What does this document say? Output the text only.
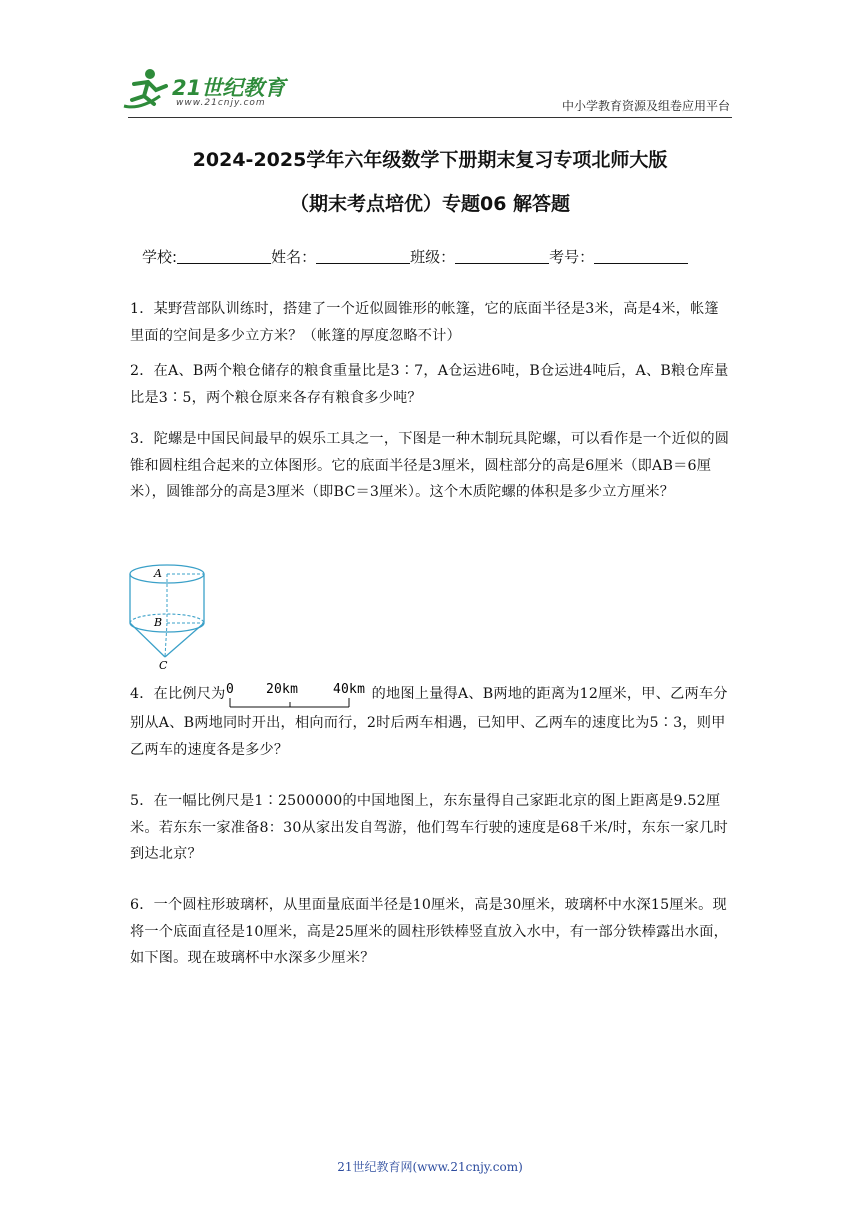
21世纪教育
www.21cnjy.com	中小学教育资源及组卷应用平台
2024-2025学年六年级数学下册期末复习专项北师大版
（期末考点培优）专题06 解答题
学校:	姓名：	班级：	考号：
1．某野营部队训练时，搭建了一个近似圆锥形的帐篷，它的底面半径是3米，高是4米，帐篷里面的空间是多少立方米？（帐篷的厚度忽略不计）
2．在A、B两个粮仓储存的粮食重量比是3∶7，A仓运进6吨，B仓运进4吨后，A、B粮仓库量比是3∶5，两个粮仓原来各存有粮食多少吨？
3．陀螺是中国民间最早的娱乐工具之一，下图是一种木制玩具陀螺，可以看作是一个近似的圆锥和圆柱组合起来的立体图形。它的底面半径是3厘米，圆柱部分的高是6厘米（即AB＝6厘米），圆锥部分的高是3厘米（即BC＝3厘米）。这个木质陀螺的体积是多少立方厘米？
A
B
C
4．在比例尺为 0 20km	40km 的地图上量得A、B两地的距离为12厘米，甲、乙两车分别从A、B两地同时开出，相向而行，2时后两车相遇，已知甲、乙两车的速度比为5∶3，则甲乙两车的速度各是多少？
5．在一幅比例尺是1∶2500000的中国地图上，东东量得自己家距北京的图上距离是9.52厘米。若东东一家准备8：30从家出发自驾游，他们驾车行驶的速度是68千米/时，东东一家几时到达北京？
6．一个圆柱形玻璃杯，从里面量底面半径是10厘米，高是30厘米，玻璃杯中水深15厘米。现将一个底面直径是10厘米，高是25厘米的圆柱形铁棒竖直放入水中，有一部分铁棒露出水面，如下图。现在玻璃杯中水深多少厘米？
21世纪教育网(www.21cnjy.com)
